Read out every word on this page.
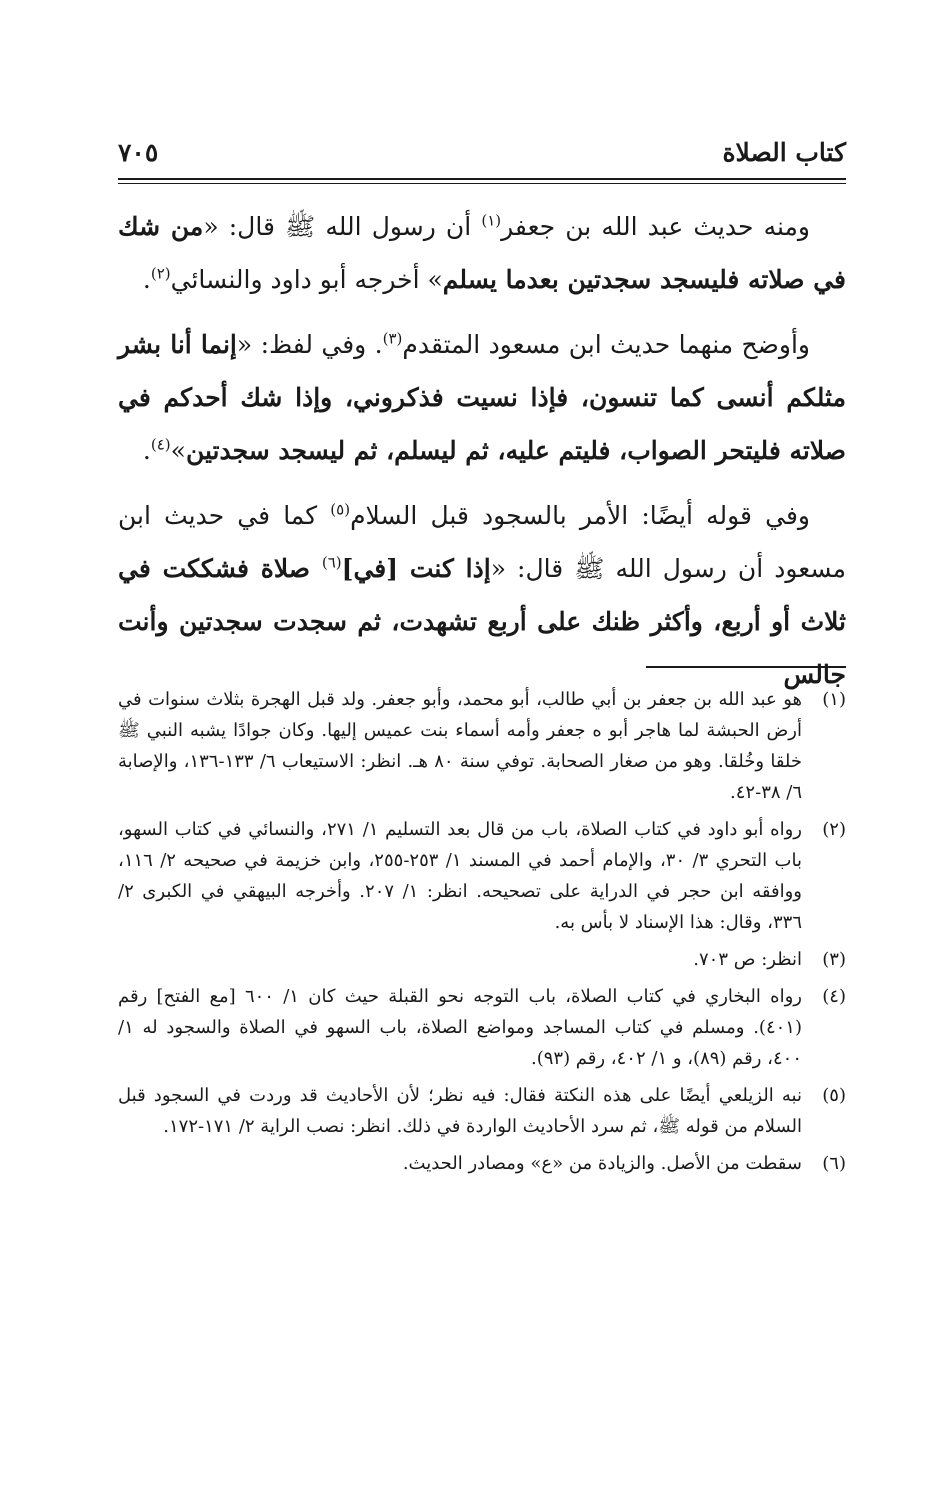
كتاب الصلاة
٧٠٥

ومنه حديث عبد الله بن جعفر$^{(١)}$ أن رسول الله ﷺ قال: «من شك في صلاته فليسجد سجدتين بعدما يسلم» أخرجه أبو داود والنسائي$^{(٢)}$.

وأوضح منهما حديث ابن مسعود المتقدم$^{(٣)}$. وفي لفظ: «إنما أنا بشر مثلكم أنسى كما تنسون، فإذا نسيت فذكروني، وإذا شك أحدكم في صلاته فليتحر الصواب، فليتم عليه، ثم ليسلم، ثم ليسجد سجدتين»$^{(٤)}$.

وفي قوله أيضًا: الأمر بالسجود قبل السلام$^{(٥)}$ كما في حديث ابن مسعود أن رسول الله ﷺ قال: «إذا كنت [في]$^{(٦)}$ صلاة فشككت في ثلاث أو أربع، وأكثر ظنك على أربع تشهدت، ثم سجدت سجدتين وأنت جالس

(١)
هو عبد الله بن جعفر بن أبي طالب، أبو محمد، وأبو جعفر. ولد قبل الهجرة بثلاث سنوات في أرض الحبشة لما هاجر أبو ه جعفر وأمه أسماء بنت عميس إليها. وكان جوادًا يشبه النبي ﷺ خلقا وخُلقا. وهو من صغار الصحابة. توفي سنة ٨٠ هـ. انظر: الاستيعاب ٦/ ١٣٣-١٣٦، والإصابة ٦/ ٣٨-٤٢.
(٢)
رواه أبو داود في كتاب الصلاة، باب من قال بعد التسليم ١/ ٢٧١، والنسائي في كتاب السهو، باب التحري ٣/ ٣٠، والإمام أحمد في المسند ١/ ٢٥٣-٢٥٥، وابن خزيمة في صحيحه ٢/ ١١٦، ووافقه ابن حجر في الدراية على تصحيحه. انظر: ١/ ٢٠٧. وأخرجه البيهقي في الكبرى ٢/ ٣٣٦، وقال: هذا الإسناد لا بأس به.
(٣)
انظر: ص ٧٠٣.
(٤)
رواه البخاري في كتاب الصلاة، باب التوجه نحو القبلة حيث كان ١/ ٦٠٠ [مع الفتح] رقم (٤٠١). ومسلم في كتاب المساجد ومواضع الصلاة، باب السهو في الصلاة والسجود له ١/ ٤٠٠، رقم (٨٩)، و ١/ ٤٠٢، رقم (٩٣).
(٥)
نبه الزيلعي أيضًا على هذه النكتة فقال: فيه نظر؛ لأن الأحاديث قد وردت في السجود قبل السلام من قوله ﷺ، ثم سرد الأحاديث الواردة في ذلك. انظر: نصب الراية ٢/ ١٧١-١٧٢.
(٦)
سقطت من الأصل. والزيادة من «ع» ومصادر الحديث.
